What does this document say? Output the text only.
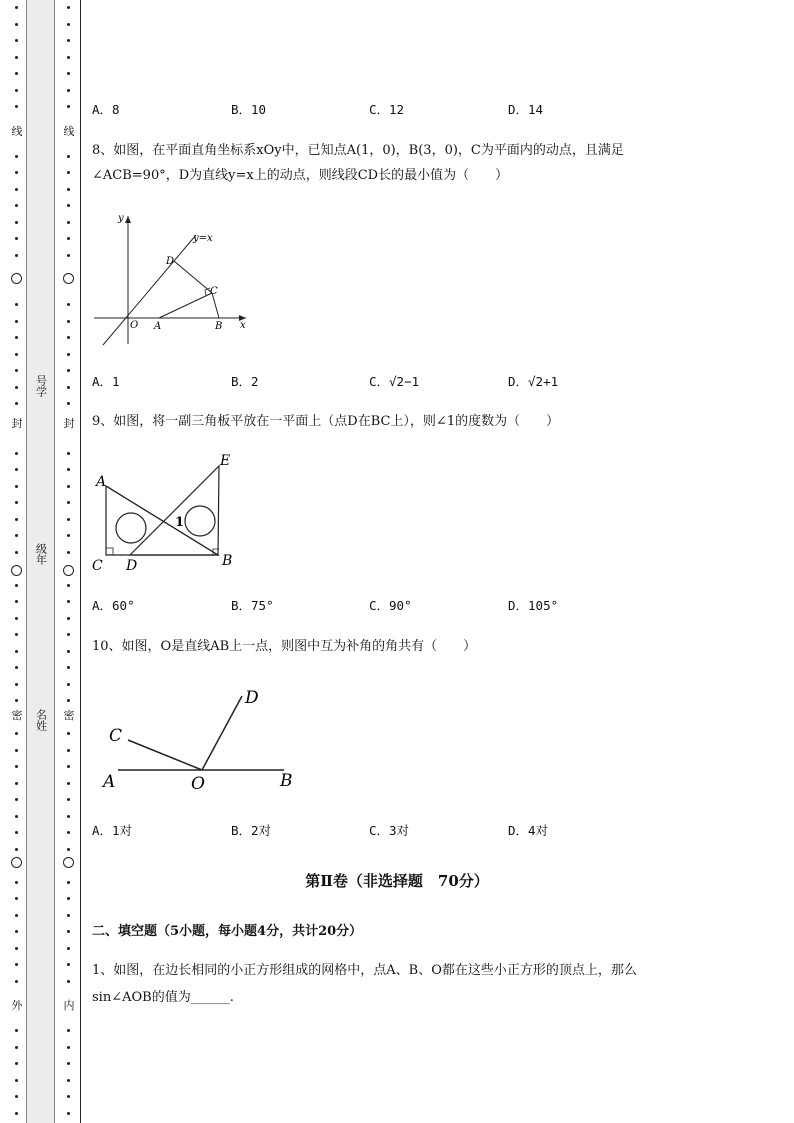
线
封
密
外
线
封
密
内
号学
级年
名姓
A．8	B．10	C．12	D．14
8、如图，在平面直角坐标系xOy中，已知点A(1，0)，B(3，0)，C为平面内的动点，且满足
∠ACB=90°，D为直线y=x上的动点，则线段CD长的最小值为（　　）
y
x
y=x
O A	B
C
D
A．1	B．2	C．√2−1	D．√2+1
9、如图，将一副三角板平放在一平面上（点D在BC上），则∠1的度数为（　　）
A
E
C D	B
1
A．60°	B．75°	C．90°	D．105°
10、如图，O是直线AB上一点，则图中互为补角的角共有（　　）
C
D
A	O	B
A．1对	B．2对	C．3对	D．4对
第Ⅱ卷（非选择题　70分）
二、填空题（5小题，每小题4分，共计20分）
1、如图，在边长相同的小正方形组成的网格中，点A、B、O都在这些小正方形的顶点上，那么
sin∠AOB的值为______.
